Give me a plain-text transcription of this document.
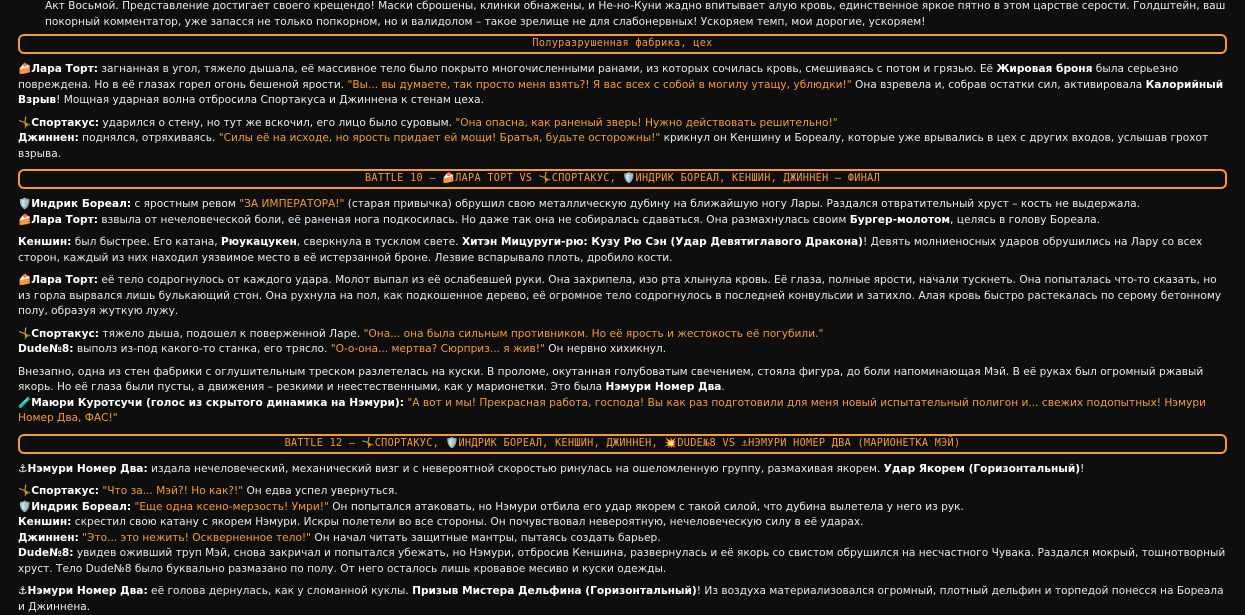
Акт Восьмой. Представление достигает своего крещендо! Маски сброшены, клинки обнажены, и Не-но-Куни жадно впитывает алую кровь, единственное яркое пятно в этом царстве серости. Голдштейн, ваш покорный комментатор, уже запасся не только попкорном, но и валидолом – такое зрелище не для слабонервных! Ускоряем темп, мои дорогие, ускоряем!

Полуразрушенная фабрика, цех

🍰Лара Торт: загнанная в угол, тяжело дышала, её массивное тело было покрыто многочисленными ранами, из которых сочилась кровь, смешиваясь с потом и грязью. Её Жировая броня была серьезно повреждена. Но в её глазах горел огонь бешеной ярости. "Вы... вы думаете, так просто меня взять?! Я вас всех с собой в могилу утащу, ублюдки!" Она взревела и, собрав остатки сил, активировала Калорийный Взрыв! Мощная ударная волна отбросила Спортакуса и Джиннена к стенам цеха.

🤸Спортакус: ударился о стену, но тут же вскочил, его лицо было суровым. "Она опасна, как раненый зверь! Нужно действовать решительно!"

Джиннен: поднялся, отряхиваясь. "Силы её на исходе, но ярость придает ей мощи! Братья, будьте осторожны!" крикнул он Кеншину и Бореалу, которые уже врывались в цех с других входов, услышав грохот взрыва.

BATTLE 10 – 🍰ЛАРА ТОРТ VS 🤸СПОРТАКУС, 🛡️ИНДРИК БОРЕАЛ, КЕНШИН, ДЖИННЕН – ФИНАЛ

🛡️Индрик Бореал: с яростным ревом "ЗА ИМПЕРАТОРА!" (старая привычка) обрушил свою металлическую дубину на ближайшую ногу Лары. Раздался отвратительный хруст – кость не выдержала.

🍰Лара Торт: взвыла от нечеловеческой боли, её раненая нога подкосилась. Но даже так она не собиралась сдаваться. Она размахнулась своим Бургер-молотом, целясь в голову Бореала.

Кеншин: был быстрее. Его катана, Рюукацукен, сверкнула в тусклом свете. Хитэн Мицуруги-рю: Кузу Рю Сэн (Удар Девятиглавого Дракона)! Девять молниеносных ударов обрушились на Лару со всех сторон, каждый из них находил уязвимое место в её истерзанной броне. Лезвие вспарывало плоть, дробило кости.

🍰Лара Торт: её тело содрогнулось от каждого удара. Молот выпал из её ослабевшей руки. Она захрипела, изо рта хлынула кровь. Её глаза, полные ярости, начали тускнеть. Она попыталась что-то сказать, но из горла вырвался лишь булькающий стон. Она рухнула на пол, как подкошенное дерево, её огромное тело содрогнулось в последней конвульсии и затихло. Алая кровь быстро растекалась по серому бетонному полу, образуя жуткую лужу.

🤸Спортакус: тяжело дыша, подошел к поверженной Ларе. "Она... она была сильным противником. Но её ярость и жестокость её погубили."

Dude№8: выполз из-под какого-то станка, его трясло. "О-о-она... мертва? Сюрприз... я жив!" Он нервно хихикнул.

Внезапно, одна из стен фабрики с оглушительным треском разлетелась на куски. В проломе, окутанная голубоватым свечением, стояла фигура, до боли напоминающая Мэй. В её руках был огромный ржавый якорь. Но её глаза были пусты, а движения – резкими и неестественными, как у марионетки. Это была Нэмури Номер Два.

🧪Маюри Куротсучи (голос из скрытого динамика на Нэмури): "А вот и мы! Прекрасная работа, господа! Вы как раз подготовили для меня новый испытательный полигон и... свежих подопытных! Нэмури Номер Два, ФАС!"

BATTLE 12 – 🤸СПОРТАКУС, 🛡️ИНДРИК БОРЕАЛ, КЕНШИН, ДЖИННЕН, 💥DUDE№8 VS ⚓НЭМУРИ НОМЕР ДВА (МАРИОНЕТКА МЭЙ)

⚓Нэмури Номер Два: издала нечеловеческий, механический визг и с невероятной скоростью ринулась на ошеломленную группу, размахивая якорем. Удар Якорем (Горизонтальный)!

🤸Спортакус: "Что за... Мэй?! Но как?!" Он едва успел увернуться.

🛡️Индрик Бореал: "Еще одна ксено-мерзость! Умри!" Он попытался атаковать, но Нэмури отбила его удар якорем с такой силой, что дубина вылетела у него из рук.

Кеншин: скрестил свою катану с якорем Нэмури. Искры полетели во все стороны. Он почувствовал невероятную, нечеловеческую силу в её ударах.

Джиннен: "Это... это нежить! Оскверненное тело!" Он начал читать защитные мантры, пытаясь создать барьер.

Dude№8: увидев оживший труп Мэй, снова закричал и попытался убежать, но Нэмури, отбросив Кеншина, развернулась и её якорь со свистом обрушился на несчастного Чувака. Раздался мокрый, тошнотворный хруст. Тело Dude№8 было буквально размазано по полу. От него осталось лишь кровавое месиво и куски одежды.

⚓Нэмури Номер Два: её голова дернулась, как у сломанной куклы. Призыв Мистера Дельфина (Горизонтальный)! Из воздуха материализовался огромный, плотный дельфин и торпедой понесся на Бореала и Джиннена.
